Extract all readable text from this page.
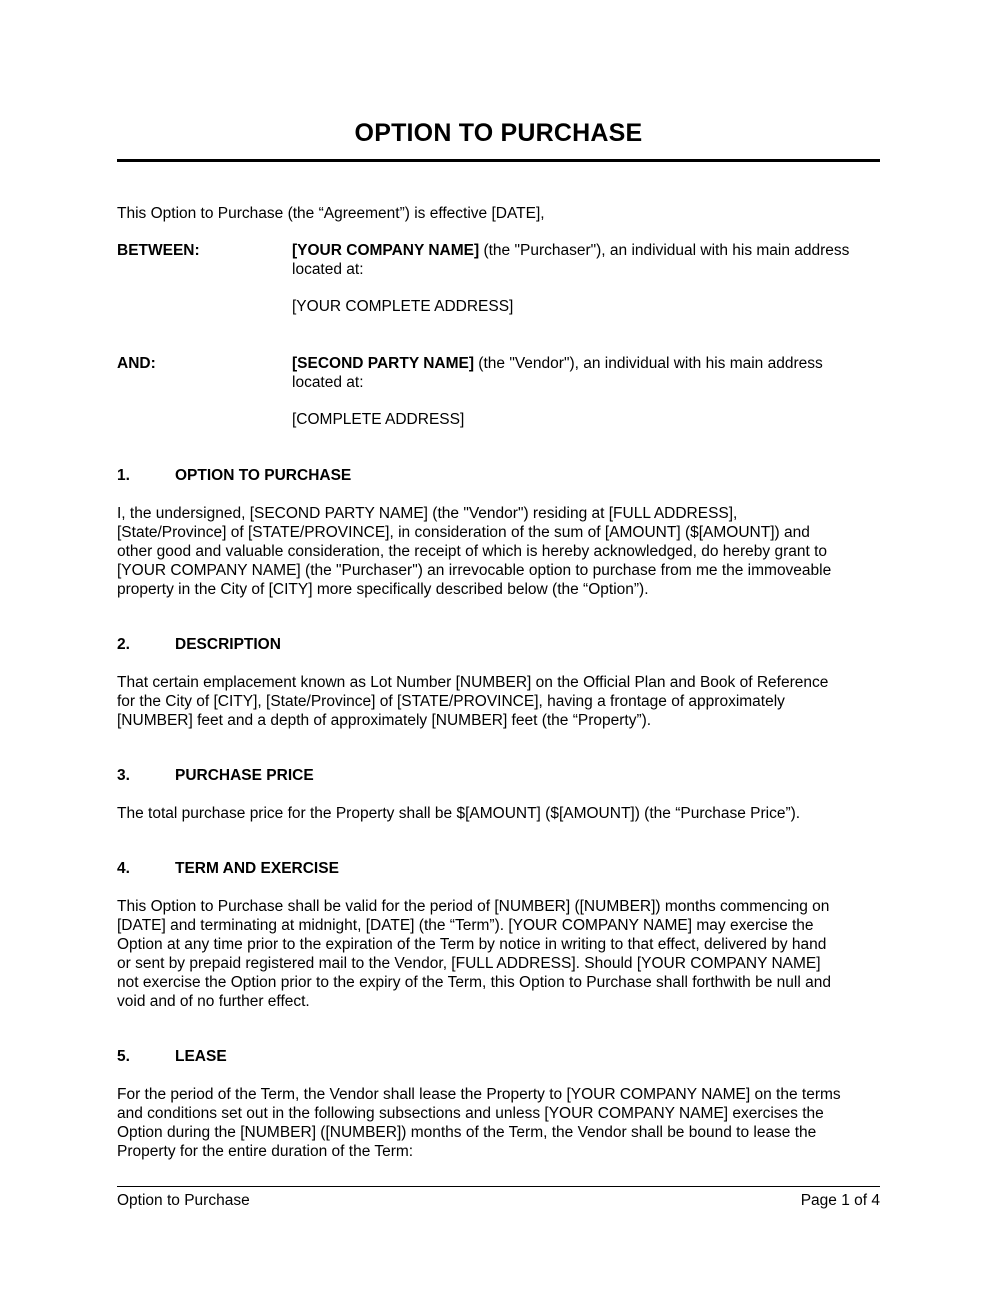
OPTION TO PURCHASE
This Option to Purchase (the “Agreement”) is effective [DATE],
BETWEEN:	[YOUR COMPANY NAME] (the "Purchaser"), an individual with his main address
located at:
[YOUR COMPLETE ADDRESS]
AND:	[SECOND PARTY NAME] (the "Vendor"), an individual with his main address
located at:
[COMPLETE ADDRESS]
1.	OPTION TO PURCHASE
I, the undersigned, [SECOND PARTY NAME] (the "Vendor") residing at [FULL ADDRESS],
[State/Province] of [STATE/PROVINCE], in consideration of the sum of [AMOUNT] ($[AMOUNT]) and
other good and valuable consideration, the receipt of which is hereby acknowledged, do hereby grant to
[YOUR COMPANY NAME] (the "Purchaser") an irrevocable option to purchase from me the immoveable
property in the City of [CITY] more specifically described below (the “Option”).
2.	DESCRIPTION
That certain emplacement known as Lot Number [NUMBER] on the Official Plan and Book of Reference
for the City of [CITY], [State/Province] of [STATE/PROVINCE], having a frontage of approximately
[NUMBER] feet and a depth of approximately [NUMBER] feet (the “Property”).
3.	PURCHASE PRICE
The total purchase price for the Property shall be $[AMOUNT] ($[AMOUNT]) (the “Purchase Price”).
4.	TERM AND EXERCISE
This Option to Purchase shall be valid for the period of [NUMBER] ([NUMBER]) months commencing on
[DATE] and terminating at midnight, [DATE] (the “Term”). [YOUR COMPANY NAME] may exercise the
Option at any time prior to the expiration of the Term by notice in writing to that effect, delivered by hand
or sent by prepaid registered mail to the Vendor, [FULL ADDRESS]. Should [YOUR COMPANY NAME]
not exercise the Option prior to the expiry of the Term, this Option to Purchase shall forthwith be null and
void and of no further effect.
5.	LEASE
For the period of the Term, the Vendor shall lease the Property to [YOUR COMPANY NAME] on the terms
and conditions set out in the following subsections and unless [YOUR COMPANY NAME] exercises the
Option during the [NUMBER] ([NUMBER]) months of the Term, the Vendor shall be bound to lease the
Property for the entire duration of the Term:
Option to Purchase	Page 1 of 4
